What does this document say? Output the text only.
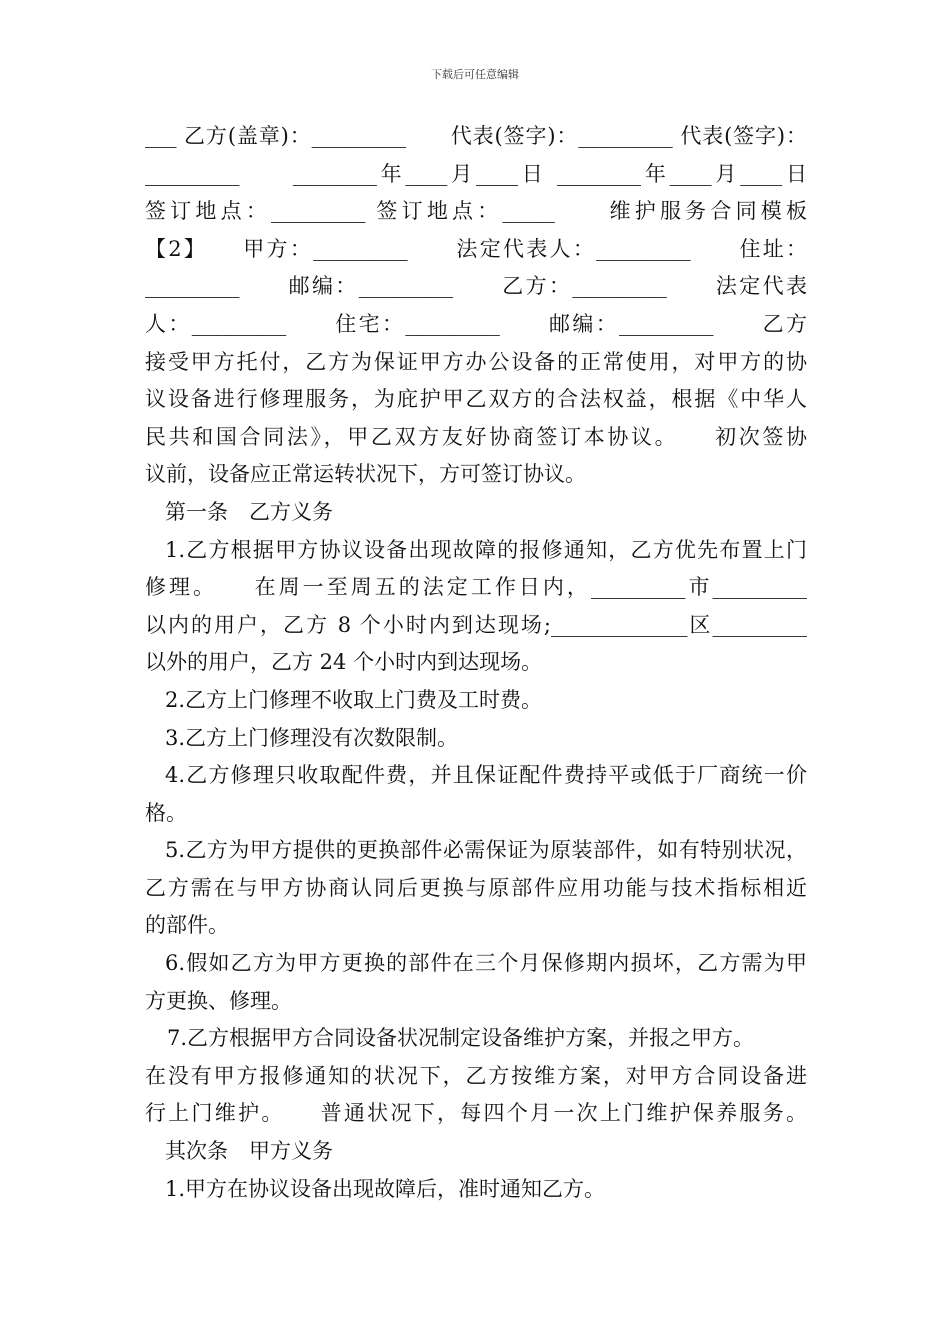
下载后可任意编辑
___ 乙方(盖章)：_________　　代表(签字)：_________ 代表(签字)：
_________　　________年____月____日 ________年____月____日
签订地点：_________ 签订地点：_____　　维护服务合同模板
【2】　　甲方：_________　　法定代表人：_________　　住址：
_________　　邮编：_________　　乙方：_________　　法定代表
人：_________　　住宅：_________　　邮编：_________　　乙方
接受甲方托付，乙方为保证甲方办公设备的正常使用，对甲方的协
议设备进行修理服务，为庇护甲乙双方的合法权益，根据《中华人
民共和国合同法》，甲乙双方友好协商签订本协议。　　初次签协
议前，设备应正常运转状况下，方可签订协议。
第一条　乙方义务
1.乙方根据甲方协议设备出现故障的报修通知，乙方优先布置上门
修理。　　在周一至周五的法定工作日内，_________市_________
以内的用户，乙方 8 个小时内到达现场;_____________区_________
以外的用户，乙方 24 个小时内到达现场。
2.乙方上门修理不收取上门费及工时费。
3.乙方上门修理没有次数限制。
4.乙方修理只收取配件费，并且保证配件费持平或低于厂商统一价
格。
5.乙方为甲方提供的更换部件必需保证为原装部件，如有特别状况，
乙方需在与甲方协商认同后更换与原部件应用功能与技术指标相近
的部件。
6.假如乙方为甲方更换的部件在三个月保修期内损坏，乙方需为甲
方更换、修理。
7.乙方根据甲方合同设备状况制定设备维护方案，并报之甲方。
在没有甲方报修通知的状况下，乙方按维方案，对甲方合同设备进
行上门维护。　　普通状况下，每四个月一次上门维护保养服务。
其次条　甲方义务
1.甲方在协议设备出现故障后，准时通知乙方。
